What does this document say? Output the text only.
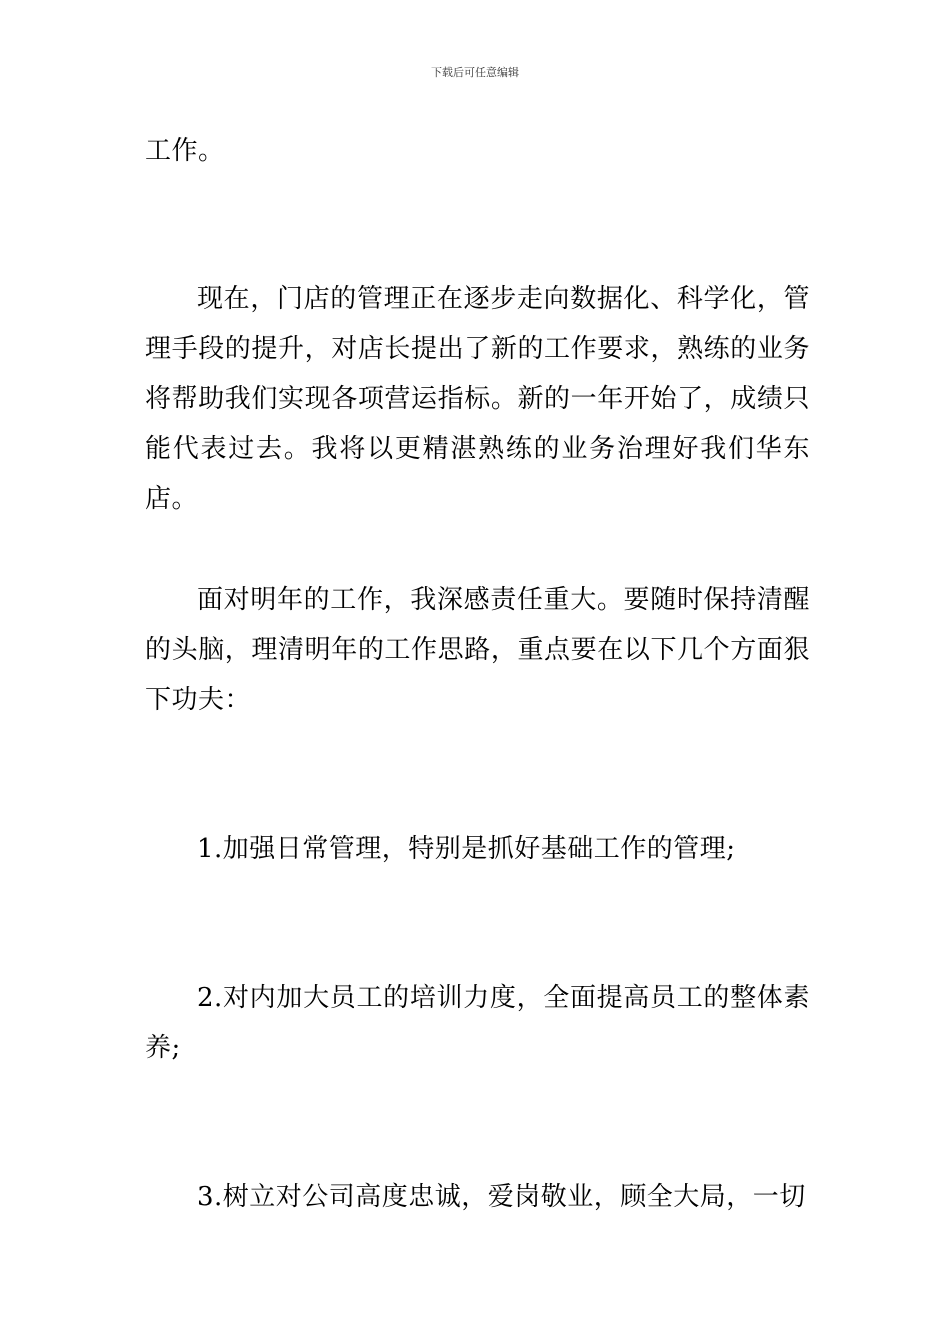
下载后可任意编辑

工作。

现在，门店的管理正在逐步走向数据化、科学化，管理手段的提升，对店长提出了新的工作要求，熟练的业务将帮助我们实现各项营运指标。新的一年开始了，成绩只能代表过去。我将以更精湛熟练的业务治理好我们华东店。

面对明年的工作，我深感责任重大。要随时保持清醒的头脑，理清明年的工作思路，重点要在以下几个方面狠下功夫：

1.加强日常管理，特别是抓好基础工作的管理;

2.对内加大员工的培训力度，全面提高员工的整体素养;

3.树立对公司高度忠诚，爱岗敬业，顾全大局，一切
